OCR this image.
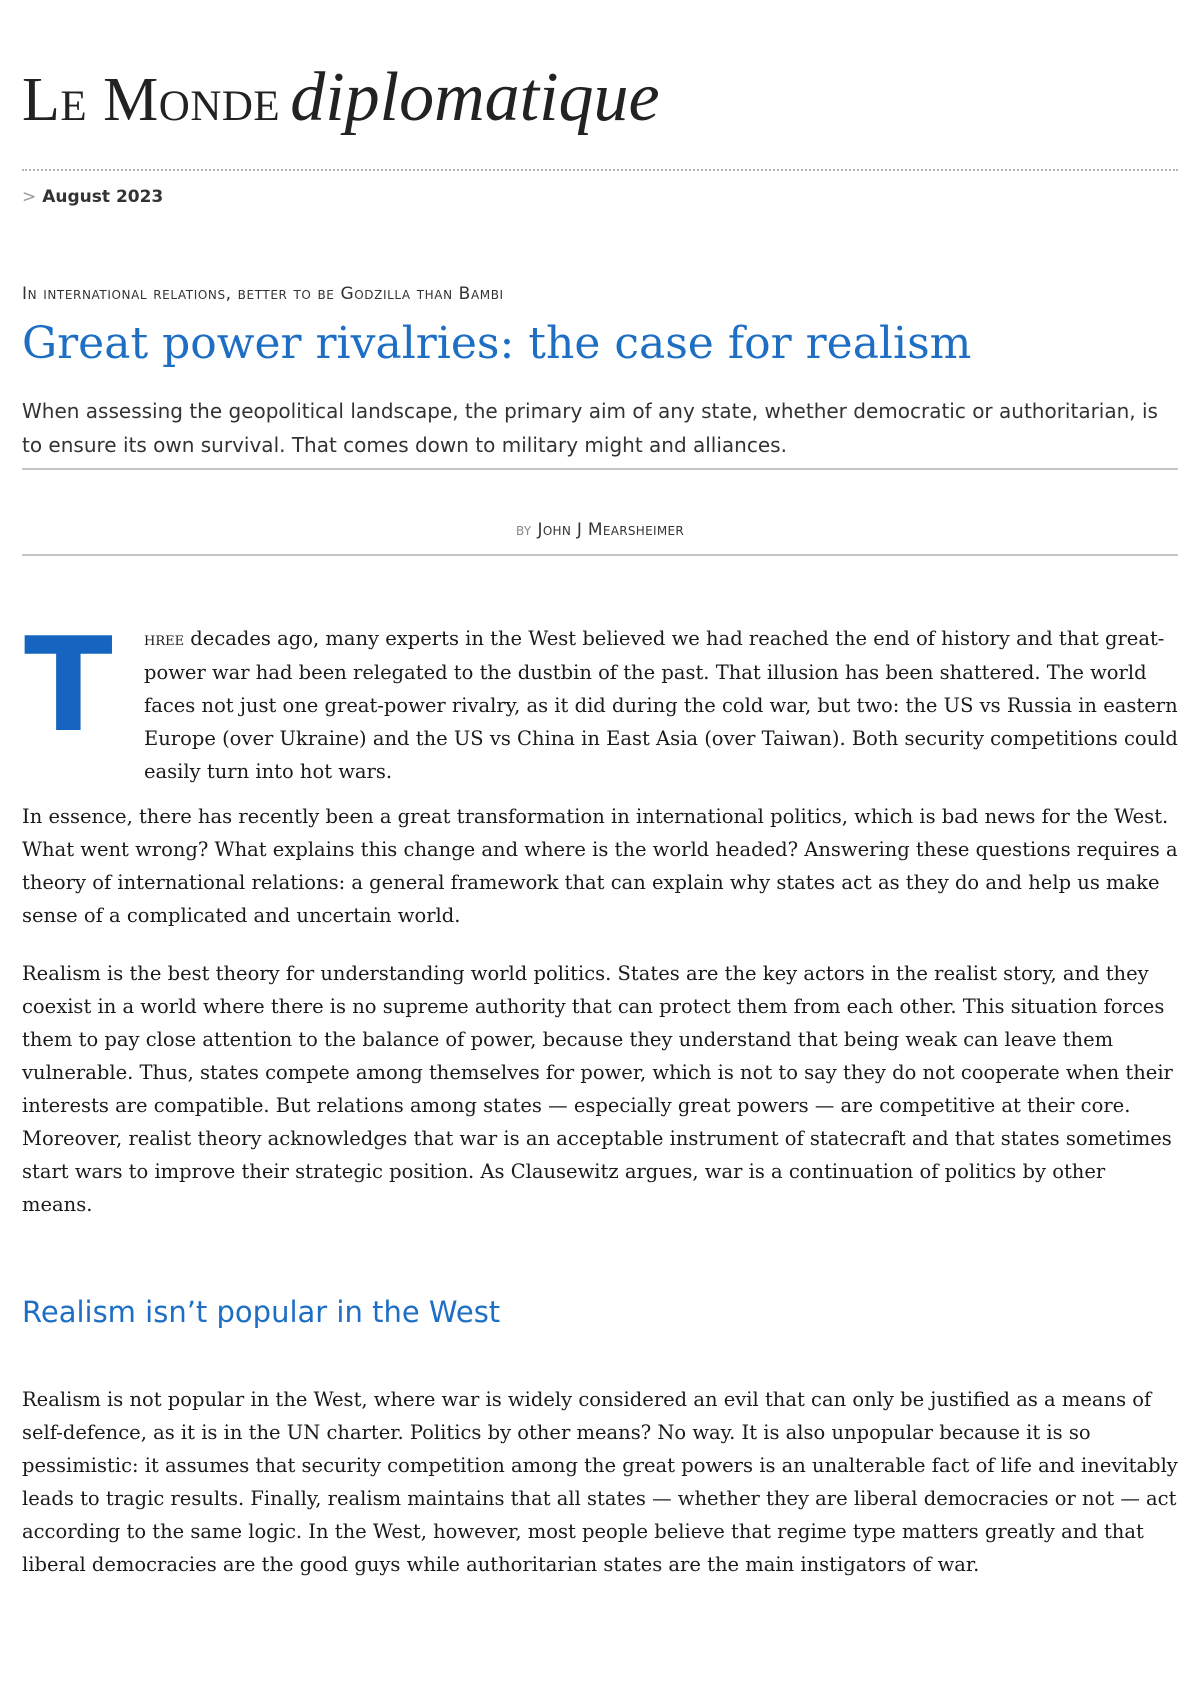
Le Monde diplomatique
> August 2023
In international relations, better to be Godzilla than Bambi
Great power rivalries: the case for realism

When assessing the geopolitical landscape, the primary aim of any state, whether democratic or authoritarian, is to ensure its own survival. That comes down to military might and alliances.

by John J Mearsheimer
T hree decades ago, many experts in the West believed we had reached the end of history and that great-power war had been relegated to the dustbin of the past. That illusion has been shattered. The world faces not just one great-power rivalry, as it did during the cold war, but two: the US vs Russia in eastern Europe (over Ukraine) and the US vs China in East Asia (over Taiwan). Both security competitions could easily turn into hot wars.

In essence, there has recently been a great transformation in international politics, which is bad news for the West. What went wrong? What explains this change and where is the world headed? Answering these questions requires a theory of international relations: a general framework that can explain why states act as they do and help us make sense of a complicated and uncertain world.

Realism is the best theory for understanding world politics. States are the key actors in the realist story, and they coexist in a world where there is no supreme authority that can protect them from each other. This situation forces them to pay close attention to the balance of power, because they understand that being weak can leave them vulnerable. Thus, states compete among themselves for power, which is not to say they do not cooperate when their interests are compatible. But relations among states — especially great powers — are competitive at their core. Moreover, realist theory acknowledges that war is an acceptable instrument of statecraft and that states sometimes start wars to improve their strategic position. As Clausewitz argues, war is a continuation of politics by other means.

Realism isn’t popular in the West

Realism is not popular in the West, where war is widely considered an evil that can only be justified as a means of self-defence, as it is in the UN charter. Politics by other means? No way. It is also unpopular because it is so pessimistic: it assumes that security competition among the great powers is an unalterable fact of life and inevitably leads to tragic results. Finally, realism maintains that all states — whether they are liberal democracies or not — act according to the same logic. In the West, however, most people believe that regime type matters greatly and that liberal democracies are the good guys while authoritarian states are the main instigators of war.
